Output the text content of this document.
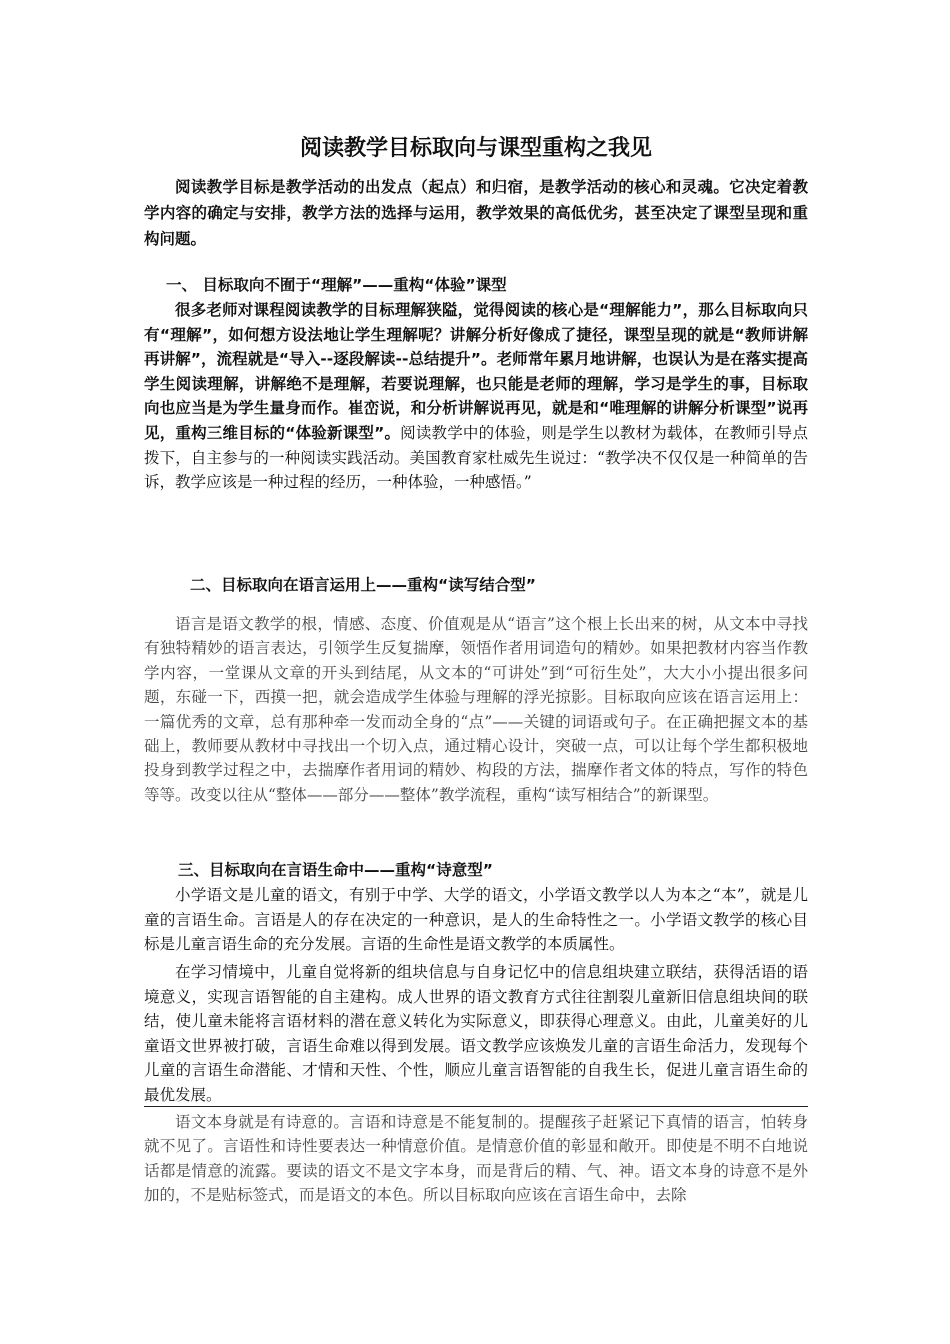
阅读教学目标取向与课型重构之我见

阅读教学目标是教学活动的出发点（起点）和归宿，是教学活动的核心和灵魂。它决定着教学内容的确定与安排，教学方法的选择与运用，教学效果的高低优劣，甚至决定了课型呈现和重构问题。

一、 目标取向不囿于“理解”——重构“体验”课型

很多老师对课程阅读教学的目标理解狭隘，觉得阅读的核心是“理解能力”，那么目标取向只有“理解”，如何想方设法地让学生理解呢？讲解分析好像成了捷径，课型呈现的就是“教师讲解再讲解”，流程就是“导入--逐段解读--总结提升”。老师常年累月地讲解，也误认为是在落实提高学生阅读理解，讲解绝不是理解，若要说理解，也只能是老师的理解，学习是学生的事，目标取向也应当是为学生量身而作。崔峦说，和分析讲解说再见，就是和“唯理解的讲解分析课型”说再见，重构三维目标的“体验新课型”。阅读教学中的体验，则是学生以教材为载体，在教师引导点拨下，自主参与的一种阅读实践活动。美国教育家杜威先生说过：“教学决不仅仅是一种简单的告诉，教学应该是一种过程的经历，一种体验，一种感悟。”

二、目标取向在语言运用上——重构“读写结合型”

语言是语文教学的根，情感、态度、价值观是从“语言”这个根上长出来的树，从文本中寻找有独特精妙的语言表达，引领学生反复揣摩，领悟作者用词造句的精妙。如果把教材内容当作教学内容，一堂课从文章的开头到结尾，从文本的“可讲处”到“可衍生处”，大大小小提出很多问题，东碰一下，西摸一把，就会造成学生体验与理解的浮光掠影。目标取向应该在语言运用上：一篇优秀的文章，总有那种牵一发而动全身的“点”——关键的词语或句子。在正确把握文本的基础上，教师要从教材中寻找出一个切入点，通过精心设计，突破一点，可以让每个学生都积极地投身到教学过程之中，去揣摩作者用词的精妙、构段的方法，揣摩作者文体的特点，写作的特色等等。改变以往从“整体——部分——整体”教学流程，重构“读写相结合”的新课型。

三、目标取向在言语生命中——重构“诗意型”

小学语文是儿童的语文，有别于中学、大学的语文，小学语文教学以人为本之“本”，就是儿童的言语生命。言语是人的存在决定的一种意识，是人的生命特性之一。小学语文教学的核心目标是儿童言语生命的充分发展。言语的生命性是语文教学的本质属性。

在学习情境中，儿童自觉将新的组块信息与自身记忆中的信息组块建立联结，获得活语的语境意义，实现言语智能的自主建构。成人世界的语文教育方式往往割裂儿童新旧信息组块间的联结，使儿童未能将言语材料的潜在意义转化为实际意义，即获得心理意义。由此，儿童美好的儿童语文世界被打破，言语生命难以得到发展。语文教学应该焕发儿童的言语生命活力，发现每个儿童的言语生命潜能、才情和天性、个性，顺应儿童言语智能的自我生长，促进儿童言语生命的最优发展。

语文本身就是有诗意的。言语和诗意是不能复制的。提醒孩子赶紧记下真情的语言，怕转身就不见了。言语性和诗性要表达一种情意价值。是情意价值的彰显和敞开。即使是不明不白地说话都是情意的流露。要读的语文不是文字本身，而是背后的精、气、神。语文本身的诗意不是外加的，不是贴标签式，而是语文的本色。所以目标取向应该在言语生命中，去除
